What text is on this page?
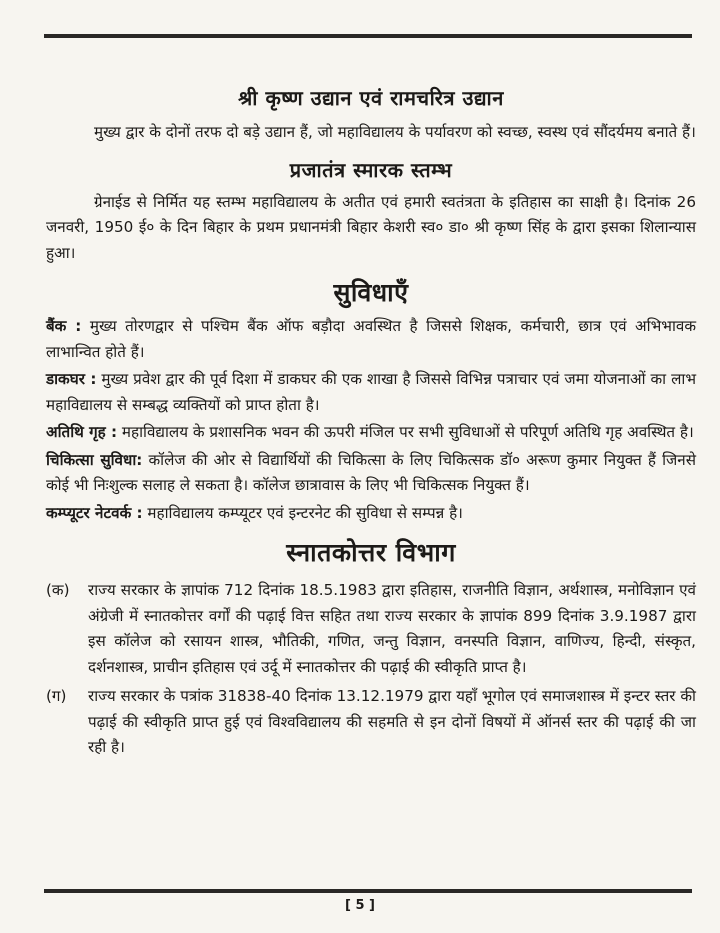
श्री कृष्ण उद्यान एवं रामचरित्र उद्यान

मुख्य द्वार के दोनों तरफ दो बड़े उद्यान हैं, जो महाविद्यालय के पर्यावरण को स्वच्छ, स्वस्थ एवं सौंदर्यमय बनाते हैं।

प्रजातंत्र स्मारक स्तम्भ

ग्रेनाईड से निर्मित यह स्तम्भ महाविद्यालय के अतीत एवं हमारी स्वतंत्रता के इतिहास का साक्षी है। दिनांक 26 जनवरी, 1950 ई० के दिन बिहार के प्रथम प्रधानमंत्री बिहार केशरी स्व० डा० श्री कृष्ण सिंह के द्वारा इसका शिलान्यास हुआ।

सुविधाएँ

बैंक : मुख्य तोरणद्वार से पश्चिम बैंक ऑफ बड़ौदा अवस्थित है जिससे शिक्षक, कर्मचारी, छात्र एवं अभिभावक लाभान्वित होते हैं।

डाकघर : मुख्य प्रवेश द्वार की पूर्व दिशा में डाकघर की एक शाखा है जिससे विभिन्न पत्राचार एवं जमा योजनाओं का लाभ महाविद्यालय से सम्बद्ध व्यक्तियों को प्राप्त होता है।

अतिथि गृह : महाविद्यालय के प्रशासनिक भवन की ऊपरी मंजिल पर सभी सुविधाओं से परिपूर्ण अतिथि गृह अवस्थित है।

चिकित्सा सुविधा: कॉलेज की ओर से विद्यार्थियों की चिकित्सा के लिए चिकित्सक डॉ० अरूण कुमार नियुक्त हैं जिनसे कोई भी निःशुल्क सलाह ले सकता है। कॉलेज छात्रावास के लिए भी चिकित्सक नियुक्त हैं।

कम्प्यूटर नेटवर्क : महाविद्यालय कम्प्यूटर एवं इन्टरनेट की सुविधा से सम्पन्न है।

स्नातकोत्तर विभाग
(क)	राज्य सरकार के ज्ञापांक 712 दिनांक 18.5.1983 द्वारा इतिहास, राजनीति विज्ञान, अर्थशास्त्र, मनोविज्ञान एवं अंग्रेजी में स्नातकोत्तर वर्गों की पढ़ाई वित्त सहित तथा राज्य सरकार के ज्ञापांक 899 दिनांक 3.9.1987 द्वारा इस कॉलेज को रसायन शास्त्र, भौतिकी, गणित, जन्तु विज्ञान, वनस्पति विज्ञान, वाणिज्य, हिन्दी, संस्कृत, दर्शनशास्त्र, प्राचीन इतिहास एवं उर्दू में स्नातकोत्तर की पढ़ाई की स्वीकृति प्राप्त है।

(ग)	राज्य सरकार के पत्रांक 31838-40 दिनांक 13.12.1979 द्वारा यहाँ भूगोल एवं समाजशास्त्र में इन्टर स्तर की पढ़ाई की स्वीकृति प्राप्त हुई एवं विश्वविद्यालय की सहमति से इन दोनों विषयों में ऑनर्स स्तर की पढ़ाई की जा रही है।

[ 5 ]
